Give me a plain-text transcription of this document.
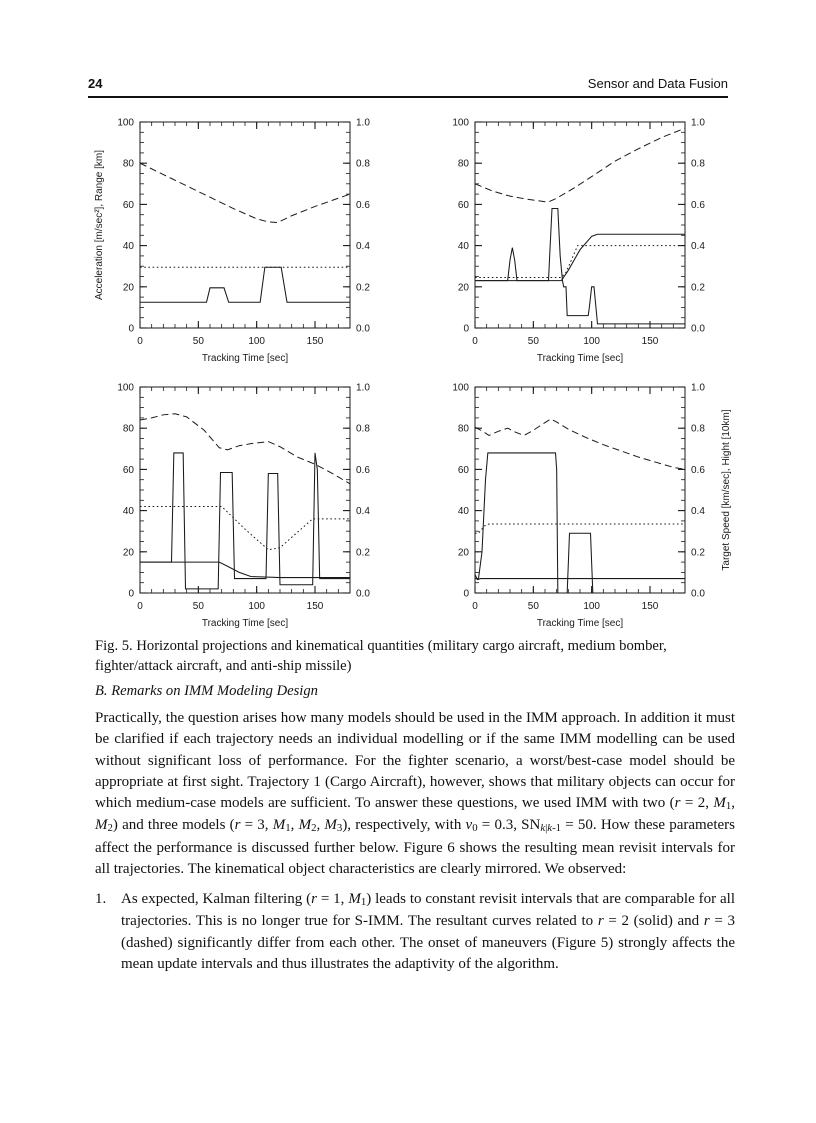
24	Sensor and Data Fusion
0	50	100	150
0	0.0
20	0.2
40	0.4
60	0.6
80	0.8
100	1.0
Tracking Time [sec]
Acceleration [m/sec²], Range [km]
0	50	100	150
0	0.0
20	0.2
40	0.4
60	0.6
80	0.8
100	1.0
Tracking Time [sec]
0	50	100	150
0	0.0
20	0.2
40	0.4
60	0.6
80	0.8
100	1.0
Tracking Time [sec]
0	50	100	150
0	0.0
20	0.2
40	0.4
60	0.6
80	0.8
100	1.0
Tracking Time [sec]
Target Speed [km/sec], Hight [10km]
Fig. 5. Horizontal projections and kinematical quantities (military cargo aircraft, medium bomber, fighter/attack aircraft, and anti-ship missile)
B. Remarks on IMM Modeling Design
Practically, the question arises how many models should be used in the IMM approach. In addition it must be clarified if each trajectory needs an individual modelling or if the same IMM modelling can be used without significant loss of performance. For the fighter scenario, a worst/best-case model should be appropriate at first sight. Trajectory 1 (Cargo Aircraft), however, shows that military objects can occur for which medium-case models are sufficient. To answer these questions, we used IMM with two (r = 2, $M_1$, $M_2$) and three models (r = 3, $M_1$, $M_2$, $M_3$), respectively, with $v_0 = 0.3$, $SN_{k|k-1} = 50$. How these parameters affect the performance is discussed further below. Figure 6 shows the resulting mean revisit intervals for all trajectories. The kinematical object characteristics are clearly mirrored. We observed:
1. As expected, Kalman filtering (r = 1, $M_1$) leads to constant revisit intervals that are comparable for all trajectories. This is no longer true for S-IMM. The resultant curves related to r = 2 (solid) and r = 3 (dashed) significantly differ from each other. The onset of maneuvers (Figure 5) strongly affects the mean update intervals and thus illustrates the adaptivity of the algorithm.
